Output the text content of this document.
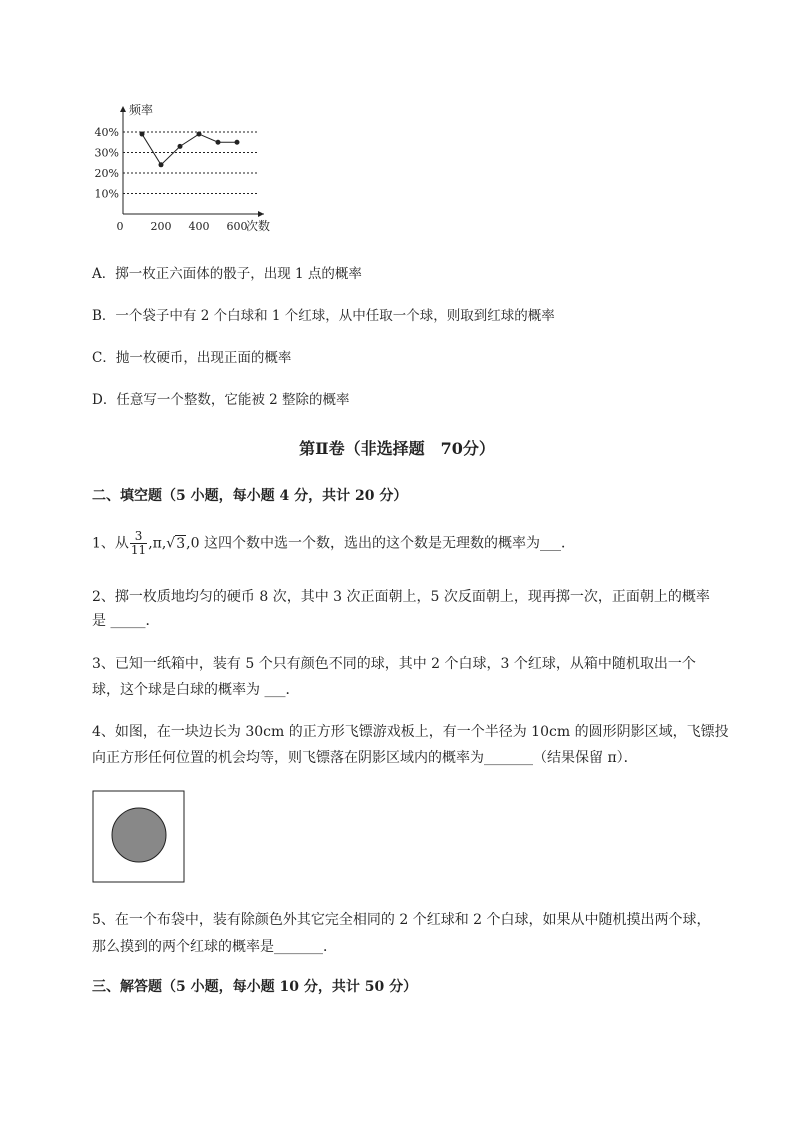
10%
20%
30%
40%
0 200 400 600
频率
次数
A．掷一枚正六面体的骰子，出现 1 点的概率
B．一个袋子中有 2 个白球和 1 个红球，从中任取一个球，则取到红球的概率
C．抛一枚硬币，出现正面的概率
D．任意写一个整数，它能被 2 整除的概率
第Ⅱ卷（非选择题　70分）
二、填空题（5 小题，每小题 4 分，共计 20 分）
1、从 $\frac{3}{11} ,\pi,√3,0$ 这四个数中选一个数，选出的这个数是无理数的概率为___．
2、掷一枚质地均匀的硬币 8 次，其中 3 次正面朝上，5 次反面朝上，现再掷一次，正面朝上的概率
是 _____．
3、已知一纸箱中，装有 5 个只有颜色不同的球，其中 2 个白球，3 个红球，从箱中随机取出一个
球，这个球是白球的概率为 ___．
4、如图，在一块边长为 30cm 的正方形飞镖游戏板上，有一个半径为 10cm 的圆形阴影区域，飞镖投
向正方形任何位置的机会均等，则飞镖落在阴影区域内的概率为_______（结果保留 π）．
5、在一个布袋中，装有除颜色外其它完全相同的 2 个红球和 2 个白球，如果从中随机摸出两个球，
那么摸到的两个红球的概率是_______．
三、解答题（5 小题，每小题 10 分，共计 50 分）
